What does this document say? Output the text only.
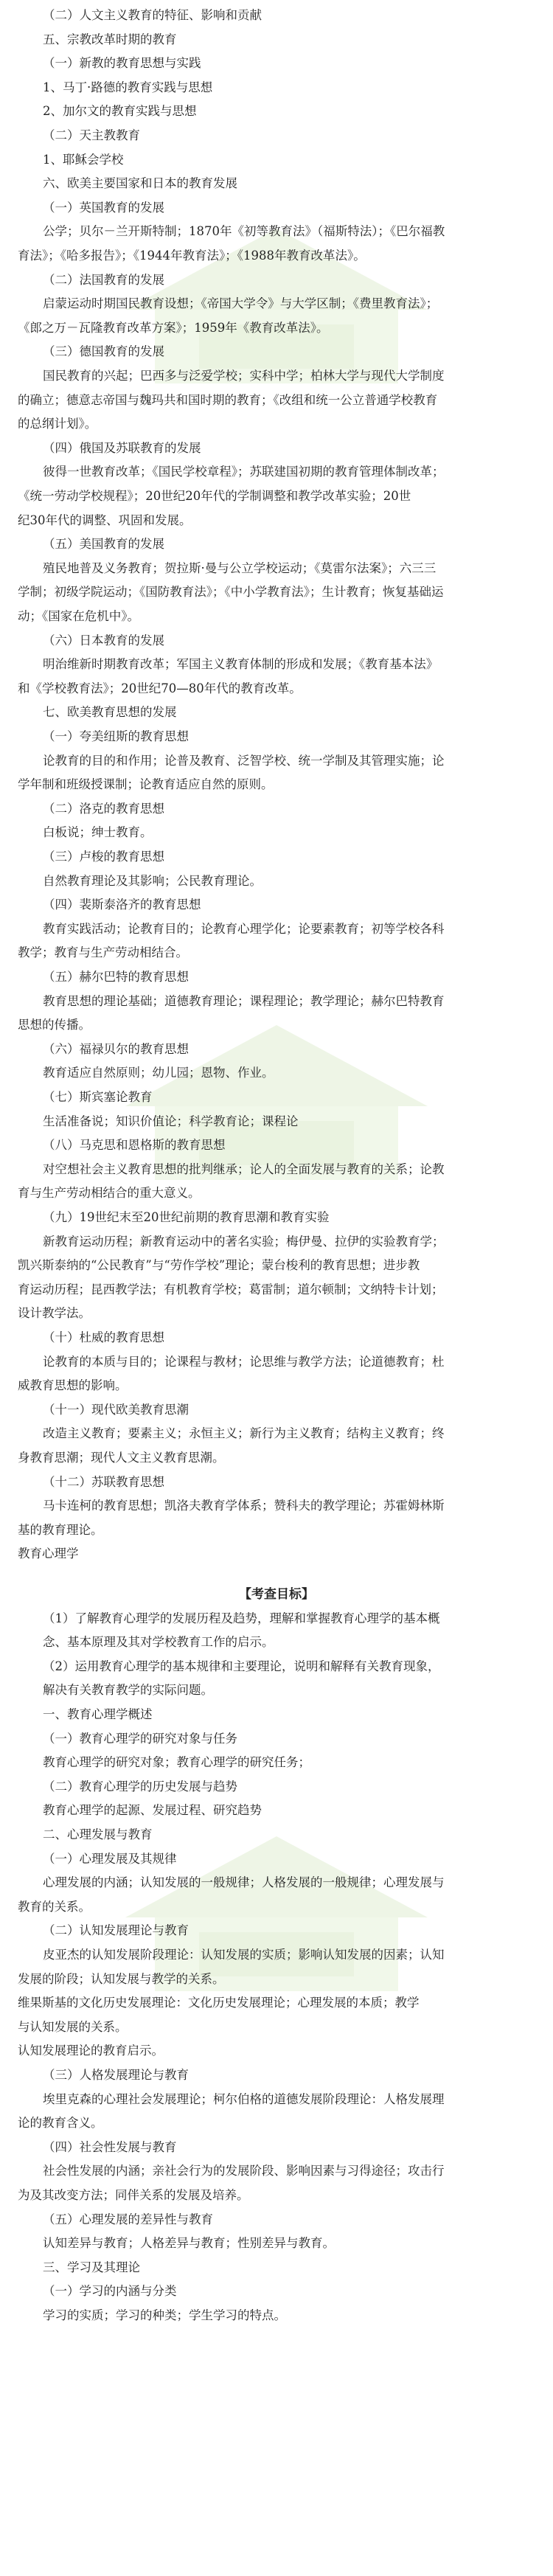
（二）人文主义教育的特征、影响和贡献
五、宗教改革时期的教育
（一）新教的教育思想与实践
1、马丁·路德的教育实践与思想
2、加尔文的教育实践与思想
（二）天主教教育
1、耶稣会学校
六、欧美主要国家和日本的教育发展
（一）英国教育的发展
公学；贝尔－兰开斯特制；1870年《初等教育法》（福斯特法）；《巴尔福教
育法》；《哈多报告》；《1944年教育法》；《1988年教育改革法》。
（二）法国教育的发展
启蒙运动时期国民教育设想；《帝国大学令》与大学区制；《费里教育法》；
《郎之万－瓦隆教育改革方案》；1959年《教育改革法》。
（三）德国教育的发展
国民教育的兴起；巴西多与泛爱学校；实科中学；柏林大学与现代大学制度
的确立；德意志帝国与魏玛共和国时期的教育；《改组和统一公立普通学校教育
的总纲计划》。
（四）俄国及苏联教育的发展
彼得一世教育改革；《国民学校章程》；苏联建国初期的教育管理体制改革；
《统一劳动学校规程》；20世纪20年代的学制调整和教学改革实验；20世
纪30年代的调整、巩固和发展。
（五）美国教育的发展
殖民地普及义务教育；贺拉斯·曼与公立学校运动；《莫雷尔法案》；六三三
学制；初级学院运动；《国防教育法》；《中小学教育法》；生计教育；恢复基础运
动；《国家在危机中》。
（六）日本教育的发展
明治维新时期教育改革；军国主义教育体制的形成和发展；《教育基本法》
和《学校教育法》；20世纪70—80年代的教育改革。
七、欧美教育思想的发展
（一）夸美纽斯的教育思想
论教育的目的和作用；论普及教育、泛智学校、统一学制及其管理实施；论
学年制和班级授课制；论教育适应自然的原则。
（二）洛克的教育思想
白板说；绅士教育。
（三）卢梭的教育思想
自然教育理论及其影响；公民教育理论。
（四）裴斯泰洛齐的教育思想
教育实践活动；论教育目的；论教育心理学化；论要素教育；初等学校各科
教学；教育与生产劳动相结合。
（五）赫尔巴特的教育思想
教育思想的理论基础；道德教育理论；课程理论；教学理论；赫尔巴特教育
思想的传播。
（六）福禄贝尔的教育思想
教育适应自然原则；幼儿园；恩物、作业。
（七）斯宾塞论教育
生活准备说；知识价值论；科学教育论；课程论
（八）马克思和恩格斯的教育思想
对空想社会主义教育思想的批判继承；论人的全面发展与教育的关系；论教
育与生产劳动相结合的重大意义。
（九）19世纪末至20世纪前期的教育思潮和教育实验
新教育运动历程；新教育运动中的著名实验；梅伊曼、拉伊的实验教育学；
凯兴斯泰纳的“公民教育”与“劳作学校”理论；蒙台梭利的教育思想；进步教
育运动历程；昆西教学法；有机教育学校；葛雷制；道尔顿制；文纳特卡计划；
设计教学法。
（十）杜威的教育思想
论教育的本质与目的；论课程与教材；论思维与教学方法；论道德教育；杜
威教育思想的影响。
（十一）现代欧美教育思潮
改造主义教育；要素主义；永恒主义；新行为主义教育；结构主义教育；终
身教育思潮；现代人文主义教育思潮。
（十二）苏联教育思想
马卡连柯的教育思想；凯洛夫教育学体系；赞科夫的教学理论；苏霍姆林斯
基的教育理论。
教育心理学
【考查目标】
（1）了解教育心理学的发展历程及趋势，理解和掌握教育心理学的基本概
念、基本原理及其对学校教育工作的启示。
（2）运用教育心理学的基本规律和主要理论，说明和解释有关教育现象，
解决有关教育教学的实际问题。
一、教育心理学概述
（一）教育心理学的研究对象与任务
教育心理学的研究对象；教育心理学的研究任务；
（二）教育心理学的历史发展与趋势
教育心理学的起源、发展过程、研究趋势
二、心理发展与教育
（一）心理发展及其规律
心理发展的内涵；认知发展的一般规律；人格发展的一般规律；心理发展与
教育的关系。
（二）认知发展理论与教育
皮亚杰的认知发展阶段理论：认知发展的实质；影响认知发展的因素；认知
发展的阶段；认知发展与教学的关系。
维果斯基的文化历史发展理论：文化历史发展理论；心理发展的本质；教学
与认知发展的关系。
认知发展理论的教育启示。
（三）人格发展理论与教育
埃里克森的心理社会发展理论；柯尔伯格的道德发展阶段理论：人格发展理
论的教育含义。
（四）社会性发展与教育
社会性发展的内涵；亲社会行为的发展阶段、影响因素与习得途径；攻击行
为及其改变方法；同伴关系的发展及培养。
（五）心理发展的差异性与教育
认知差异与教育；人格差异与教育；性别差异与教育。
三、学习及其理论
（一）学习的内涵与分类
学习的实质；学习的种类；学生学习的特点。
